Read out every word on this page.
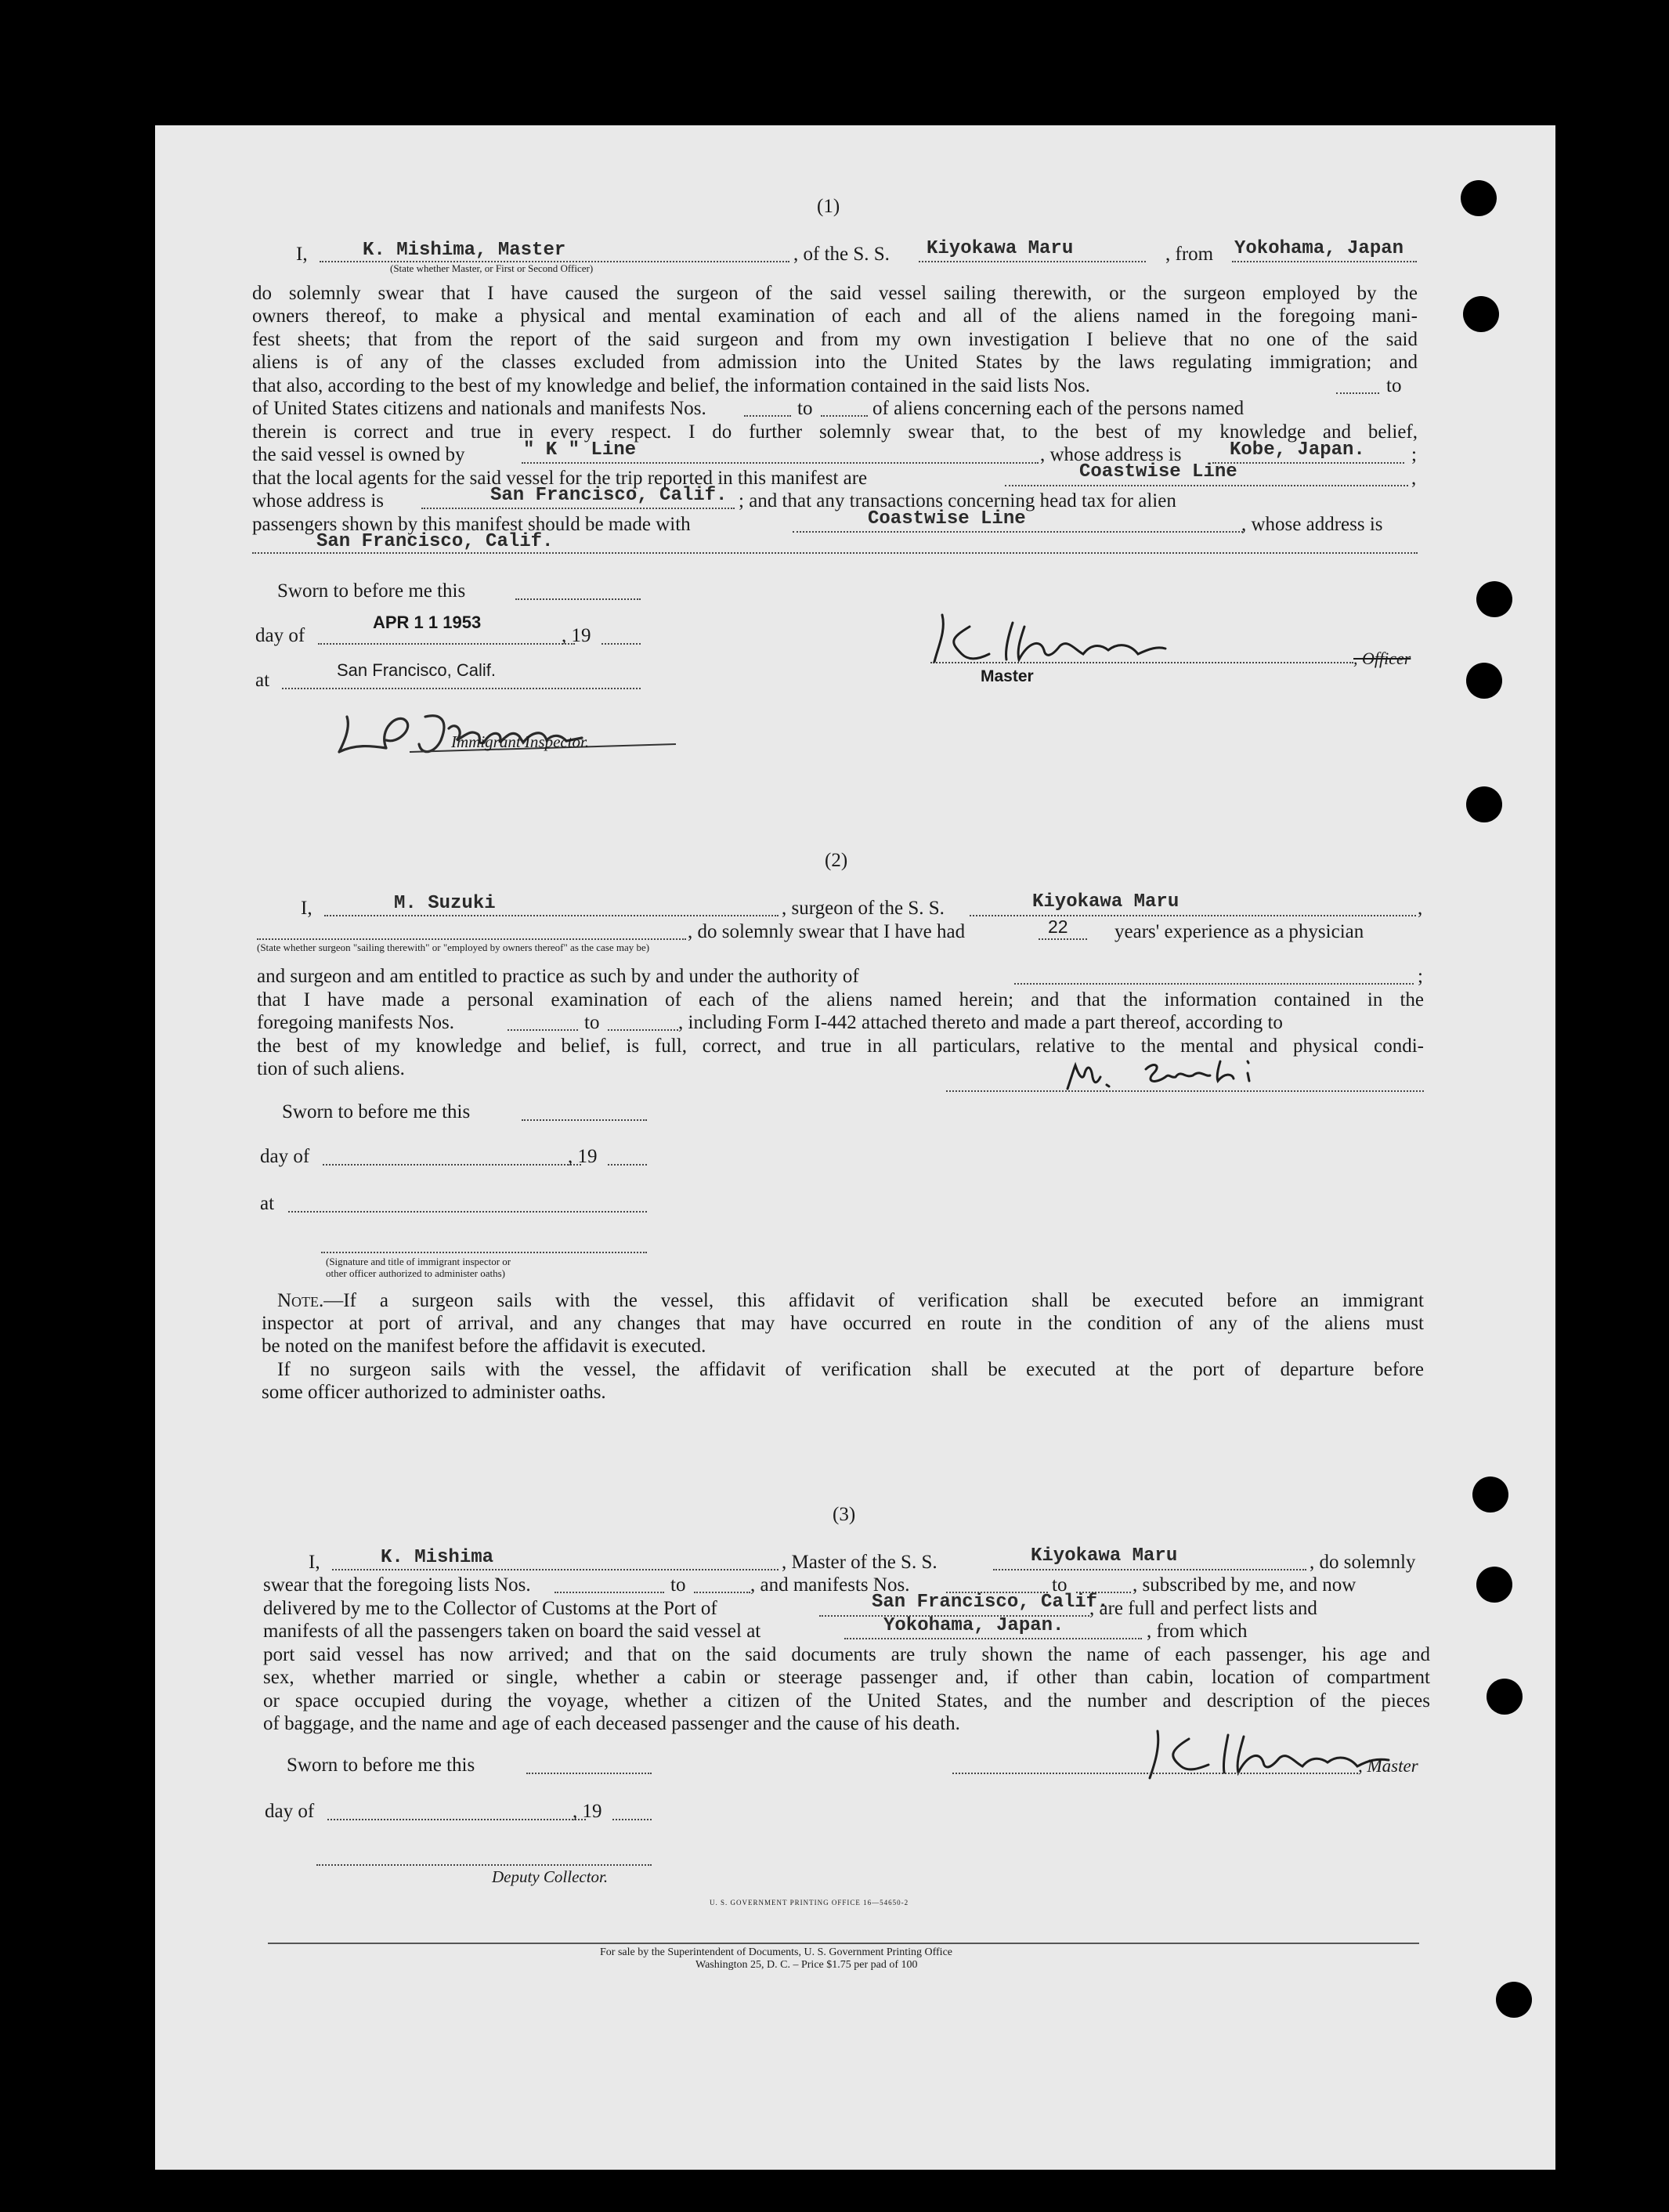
(1)
I,	K. Mishima, Master
(State whether Master, or First or Second Officer)
, of the S. S. Kiyokawa Maru	, from Yokohama, Japan
do solemnly swear that I have caused the surgeon of the said vessel sailing therewith, or the surgeon employed by the
owners thereof, to make a physical and mental examination of each and all of the aliens named in the foregoing mani-
fest sheets; that from the report of the said surgeon and from my own investigation I believe that no one of the said
aliens is of any of the classes excluded from admission into the United States by the laws regulating immigration; and
that also, according to the best of my knowledge and belief, the information contained in the said lists Nos.	to
of United States citizens and nationals and manifests Nos.	to	of aliens concerning each of the persons named
therein is correct and true in every respect. I do further solemnly swear that, to the best of my knowledge and belief,
the said vessel is owned by	" K " Line	, whose address is	Kobe, Japan. ;
that the local agents for the said vessel for the trip reported in this manifest are	Coastwise Line	,
whose address is	San Francisco, Calif. ; and that any transactions concerning head tax for alien
passengers shown by this manifest should be made with	Coastwise Line	, whose address is
San Francisco, Calif.
Sworn to before me this
day of
APR 1 1 1953
, 19
at	San Francisco, Calif.
Immigrant Inspector.
, Officer
Master
(2)
I,	M. Suzuki	, surgeon of the S. S.	Kiyokawa Maru	,
, do solemnly swear that I have had	22 years' experience as a physician
(State whether surgeon "sailing therewith" or "employed by owners thereof" as the case may be)
and surgeon and am entitled to practice as such by and under the authority of	;
that I have made a personal examination of each of the aliens named herein; and that the information contained in the
foregoing manifests Nos.	to	, including Form I-442 attached thereto and made a part thereof, according to
the best of my knowledge and belief, is full, correct, and true in all particulars, relative to the mental and physical condi-
tion of such aliens.
Sworn to before me this
day of	, 19
at
(Signature and title of immigrant inspector or
other officer authorized to administer oaths)
Note.—If a surgeon sails with the vessel, this affidavit of verification shall be executed before an immigrant
inspector at port of arrival, and any changes that may have occurred en route in the condition of any of the aliens must
be noted on the manifest before the affidavit is executed.
If no surgeon sails with the vessel, the affidavit of verification shall be executed at the port of departure before
some officer authorized to administer oaths.
(3)
I,	K. Mishima	, Master of the S. S.	Kiyokawa Maru	, do solemnly
swear that the foregoing lists Nos.	to	, and manifests Nos.	to	, subscribed by me, and now
delivered by me to the Collector of Customs at the Port of	San Francisco, Calif.
, are full and perfect lists and
manifests of all the passengers taken on board the said vessel at	Yokohama, Japan.	, from which
port said vessel has now arrived; and that on the said documents are truly shown the name of each passenger, his age and
sex, whether married or single, whether a cabin or steerage passenger and, if other than cabin, location of compartment
or space occupied during the voyage, whether a citizen of the United States, and the number and description of the pieces
of baggage, and the name and age of each deceased passenger and the cause of his death.
, Master
Sworn to before me this
day of	, 19
Deputy Collector.
U. S. GOVERNMENT PRINTING OFFICE 16—54650-2
For sale by the Superintendent of Documents, U. S. Government Printing Office
Washington 25, D. C. – Price $1.75 per pad of 100
